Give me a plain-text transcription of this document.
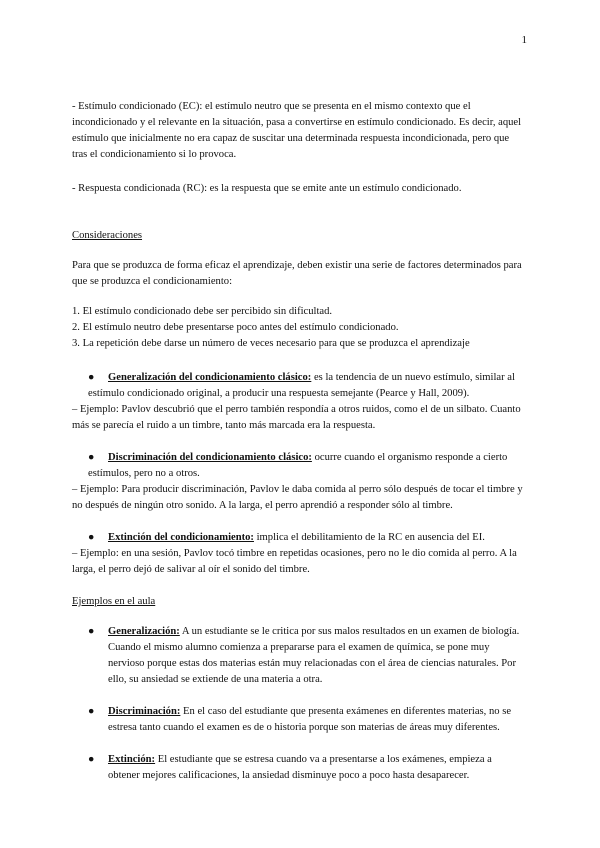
1

- Estímulo condicionado (EC): el estímulo neutro que se presenta en el mismo contexto que el incondicionado y el relevante en la situación, pasa a convertirse en estímulo condicionado. Es decir, aquel estímulo que inicialmente no era capaz de suscitar una determinada respuesta incondicionada, pero que tras el condicionamiento si lo provoca.

- Respuesta condicionada (RC): es la respuesta que se emite ante un estímulo condicionado.

Consideraciones

Para que se produzca de forma eficaz el aprendizaje, deben existir una serie de factores determinados para que se produzca el condicionamiento:

1. El estímulo condicionado debe ser percibido sin dificultad.

2. El estímulo neutro debe presentarse poco antes del estímulo condicionado.

3. La repetición debe darse un número de veces necesario para que se produzca el aprendizaje

● Generalización del condicionamiento clásico: es la tendencia de un nuevo estímulo, similar al estímulo condicionado original, a producir una respuesta semejante (Pearce y Hall, 2009).

– Ejemplo: Pavlov descubrió que el perro también respondía a otros ruidos, como el de un silbato. Cuanto más se parecía el ruido a un timbre, tanto más marcada era la respuesta.

● Discriminación del condicionamiento clásico: ocurre cuando el organismo responde a cierto estímulos, pero no a otros.

– Ejemplo: Para producir discriminación, Pavlov le daba comida al perro sólo después de tocar el timbre y no después de ningún otro sonido. A la larga, el perro aprendió a responder sólo al timbre.

● Extinción del condicionamiento: implica el debilitamiento de la RC en ausencia del EI.

– Ejemplo: en una sesión, Pavlov tocó timbre en repetidas ocasiones, pero no le dio comida al perro. A la larga, el perro dejó de salivar al oír el sonido del timbre.

Ejemplos en el aula

● Generalización: A un estudiante se le critica por sus malos resultados en un examen de biología. Cuando el mismo alumno comienza a prepararse para el examen de química, se pone muy nervioso porque estas dos materias están muy relacionadas con el área de ciencias naturales. Por ello, su ansiedad se extiende de una materia a otra.

● Discriminación: En el caso del estudiante que presenta exámenes en diferentes materias, no se estresa tanto cuando el examen es de o historia porque son materias de áreas muy diferentes.

● Extinción: El estudiante que se estresa cuando va a presentarse a los exámenes, empieza a obtener mejores calificaciones, la ansiedad disminuye poco a poco hasta desaparecer.
